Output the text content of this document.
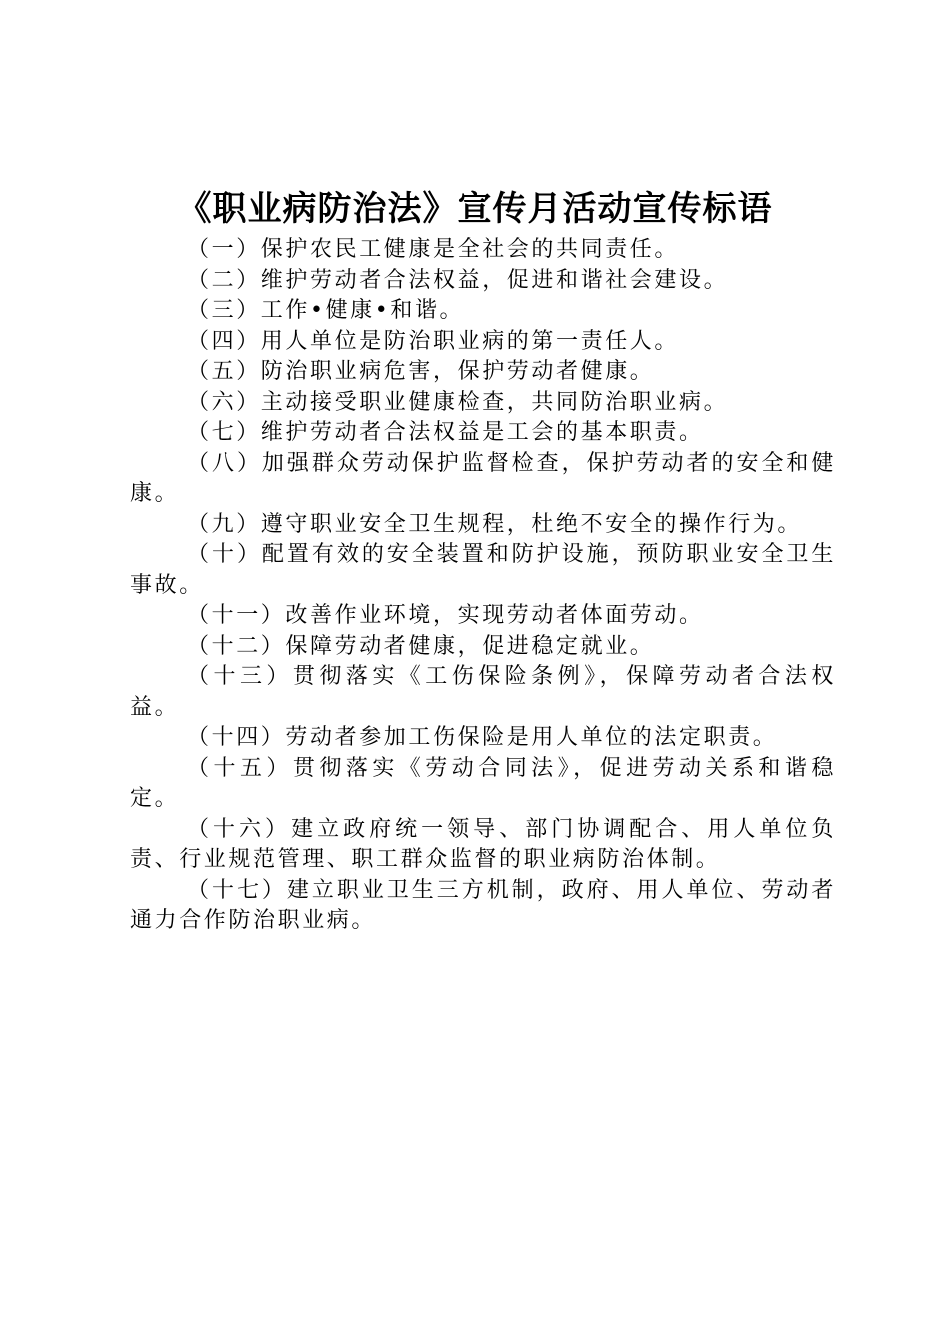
《职业病防治法》宣传月活动宣传标语

（一）保护农民工健康是全社会的共同责任。

（二）维护劳动者合法权益，促进和谐社会建设。

（三）工作•健康•和谐。

（四）用人单位是防治职业病的第一责任人。

（五）防治职业病危害，保护劳动者健康。

（六）主动接受职业健康检查，共同防治职业病。

（七）维护劳动者合法权益是工会的基本职责。

（八）加强群众劳动保护监督检查，保护劳动者的安全和健康。

（九）遵守职业安全卫生规程，杜绝不安全的操作行为。

（十）配置有效的安全装置和防护设施，预防职业安全卫生事故。

（十一）改善作业环境，实现劳动者体面劳动。

（十二）保障劳动者健康，促进稳定就业。

（十三）贯彻落实《工伤保险条例》，保障劳动者合法权益。

（十四）劳动者参加工伤保险是用人单位的法定职责。

（十五）贯彻落实《劳动合同法》，促进劳动关系和谐稳定。

（十六）建立政府统一领导、部门协调配合、用人单位负责、行业规范管理、职工群众监督的职业病防治体制。

（十七）建立职业卫生三方机制，政府、用人单位、劳动者通力合作防治职业病。
